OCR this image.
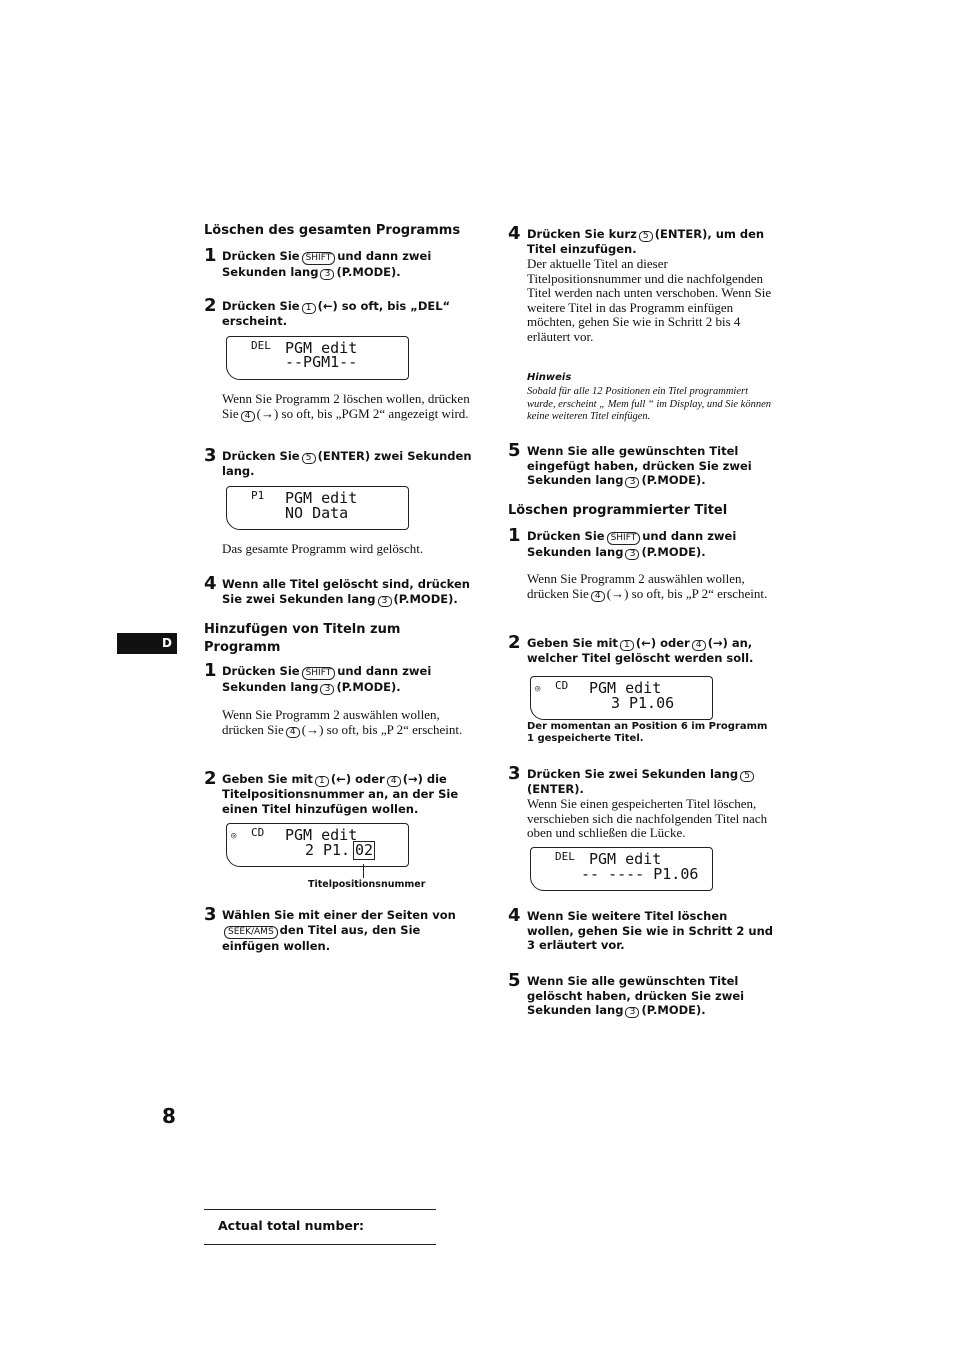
Löschen des gesamten Programms
1 Drücken Sie SHIFT und dann zwei Sekunden lang 3 (P.MODE).
2 Drücken Sie 1 (←) so oft, bis „DEL“ erscheint.
DEL PGM edit
--PGM1--
Wenn Sie Programm 2 löschen wollen, drücken Sie 4 (→) so oft, bis „PGM 2“ angezeigt wird.
3 Drücken Sie 5 (ENTER) zwei Sekunden lang.
P1 PGM edit
NO Data
Das gesamte Programm wird gelöscht.
4 Wenn alle Titel gelöscht sind, drücken Sie zwei Sekunden lang 3 (P.MODE).
D
Hinzufügen von Titeln zum Programm
1 Drücken Sie SHIFT und dann zwei Sekunden lang 3 (P.MODE).
Wenn Sie Programm 2 auswählen wollen, drücken Sie 4 (→) so oft, bis „P 2“ erscheint.
2 Geben Sie mit 1 (←) oder 4 (→) die Titelpositionsnummer an, an der Sie einen Titel hinzufügen wollen.
◎ CD PGM edit
2 P1. 02
Titelpositionsnummer
3 Wählen Sie mit einer der Seiten vonSEEK/AMS den Titel aus, den Sie einfügen wollen.
8
Actual total number:
4 Drücken Sie kurz 5 (ENTER), um den Titel einzufügen.
Der aktuelle Titel an dieser Titelpositionsnummer und die nachfolgenden Titel werden nach unten verschoben. Wenn Sie weitere Titel in das Programm einfügen möchten, gehen Sie wie in Schritt 2 bis 4 erläutert vor.
Hinweis
Sobald für alle 12 Positionen ein Titel programmiert wurde, erscheint „ Mem full “ im Display, und Sie können keine weiteren Titel einfügen.
5 Wenn Sie alle gewünschten Titel eingefügt haben, drücken Sie zwei Sekunden lang 3 (P.MODE).
Löschen programmierter Titel
1 Drücken Sie SHIFT und dann zwei Sekunden lang 3 (P.MODE).
Wenn Sie Programm 2 auswählen wollen, drücken Sie 4 (→) so oft, bis „P 2“ erscheint.
2 Geben Sie mit 1 (←) oder 4 (→) an, welcher Titel gelöscht werden soll.
◎ CD PGM edit
3 P1.06
Der momentan an Position 6 im Programm 1 gespeicherte Titel.
3 Drücken Sie zwei Sekunden lang 5
(ENTER).
Wenn Sie einen gespeicherten Titel löschen, verschieben sich die nachfolgenden Titel nach oben und schließen die Lücke.
DEL PGM edit
-- ---- P1.06
4 Wenn Sie weitere Titel löschen wollen, gehen Sie wie in Schritt 2 und 3 erläutert vor.
5 Wenn Sie alle gewünschten Titel gelöscht haben, drücken Sie zwei Sekunden lang 3 (P.MODE).
